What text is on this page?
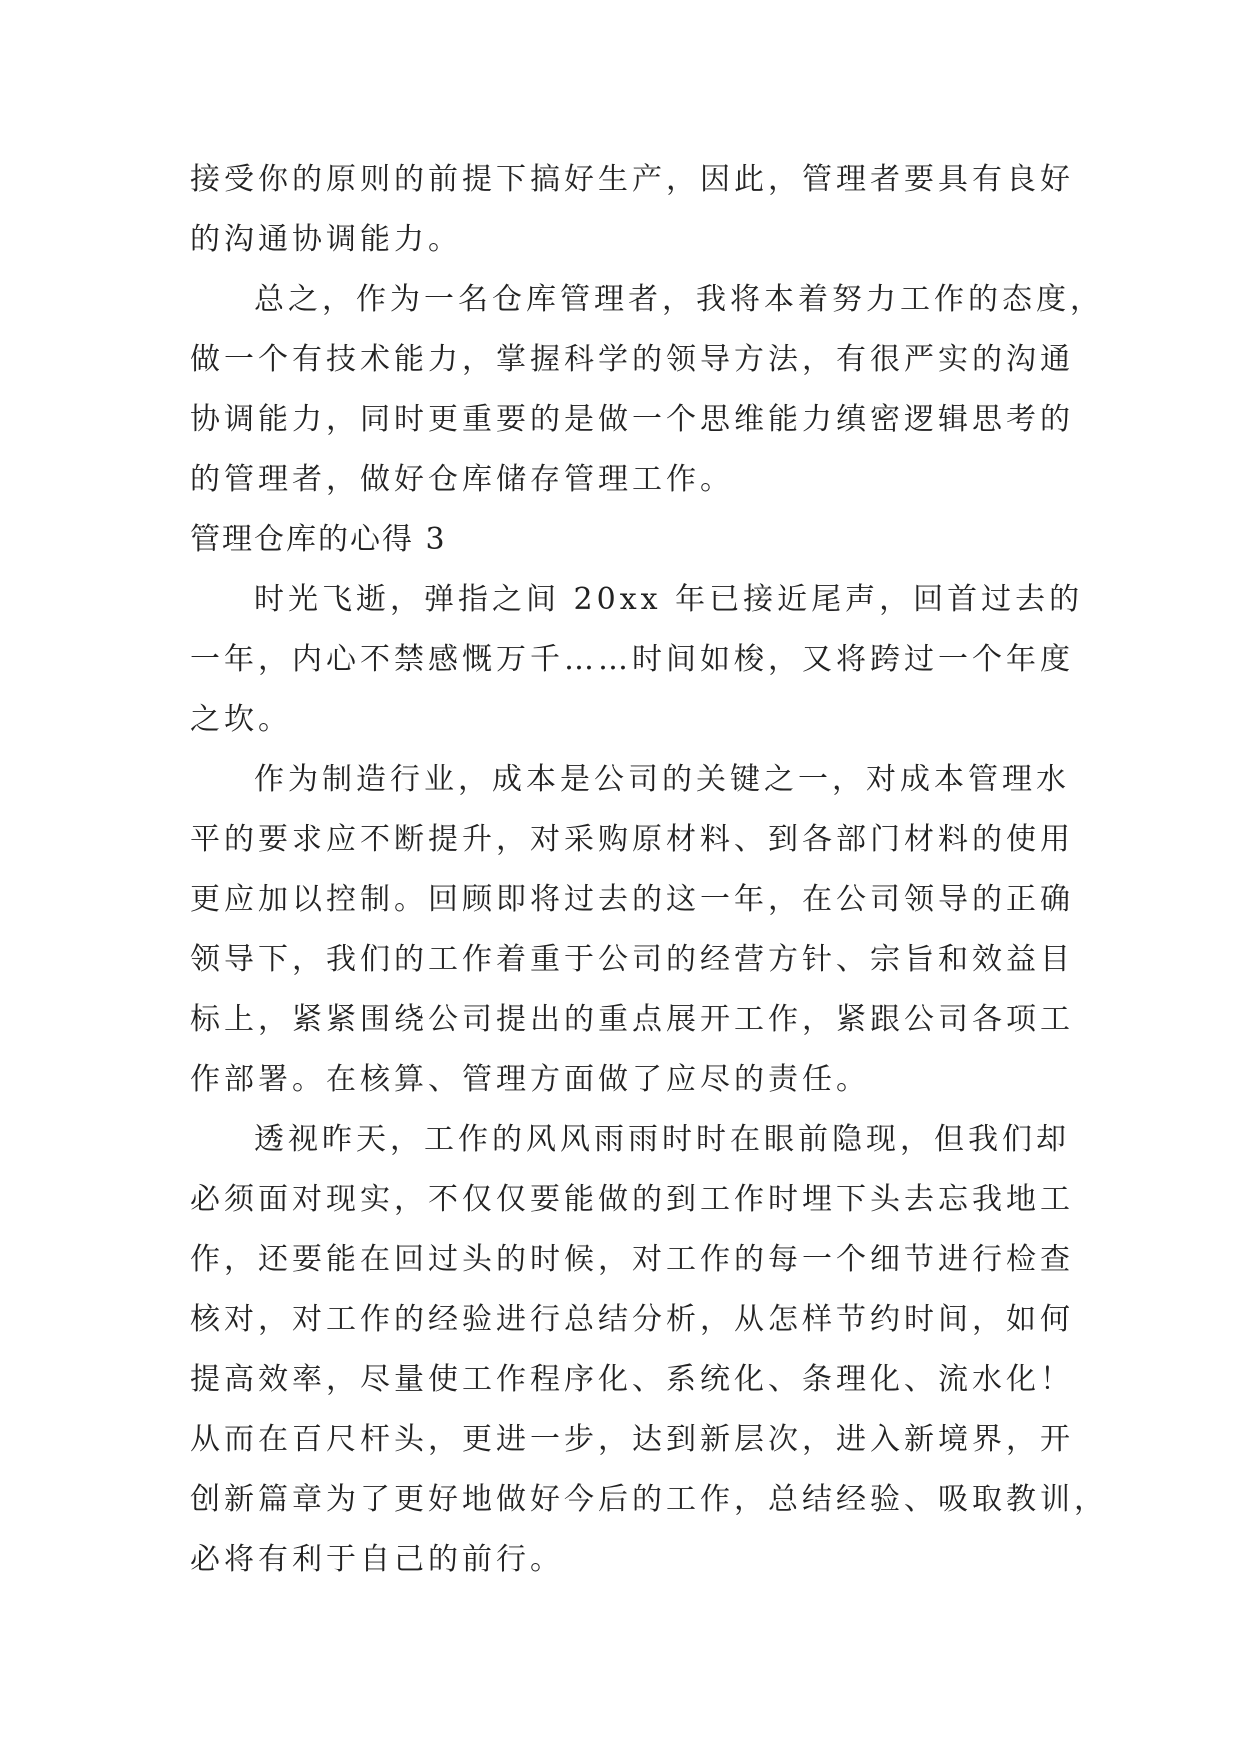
接受你的原则的前提下搞好生产，因此，管理者要具有良好
的沟通协调能力。
总之，作为一名仓库管理者，我将本着努力工作的态度，
做一个有技术能力，掌握科学的领导方法，有很严实的沟通
协调能力，同时更重要的是做一个思维能力缜密逻辑思考的
的管理者，做好仓库储存管理工作。
管理仓库的心得 3
时光飞逝，弹指之间 20xx 年已接近尾声，回首过去的
一年，内心不禁感慨万千……时间如梭，又将跨过一个年度
之坎。
作为制造行业，成本是公司的关键之一，对成本管理水
平的要求应不断提升，对采购原材料、到各部门材料的使用
更应加以控制。回顾即将过去的这一年，在公司领导的正确
领导下，我们的工作着重于公司的经营方针、宗旨和效益目
标上，紧紧围绕公司提出的重点展开工作，紧跟公司各项工
作部署。在核算、管理方面做了应尽的责任。
透视昨天，工作的风风雨雨时时在眼前隐现，但我们却
必须面对现实，不仅仅要能做的到工作时埋下头去忘我地工
作，还要能在回过头的时候，对工作的每一个细节进行检查
核对，对工作的经验进行总结分析，从怎样节约时间，如何
提高效率，尽量使工作程序化、系统化、条理化、流水化！
从而在百尺杆头，更进一步，达到新层次，进入新境界，开
创新篇章为了更好地做好今后的工作，总结经验、吸取教训，
必将有利于自己的前行。
